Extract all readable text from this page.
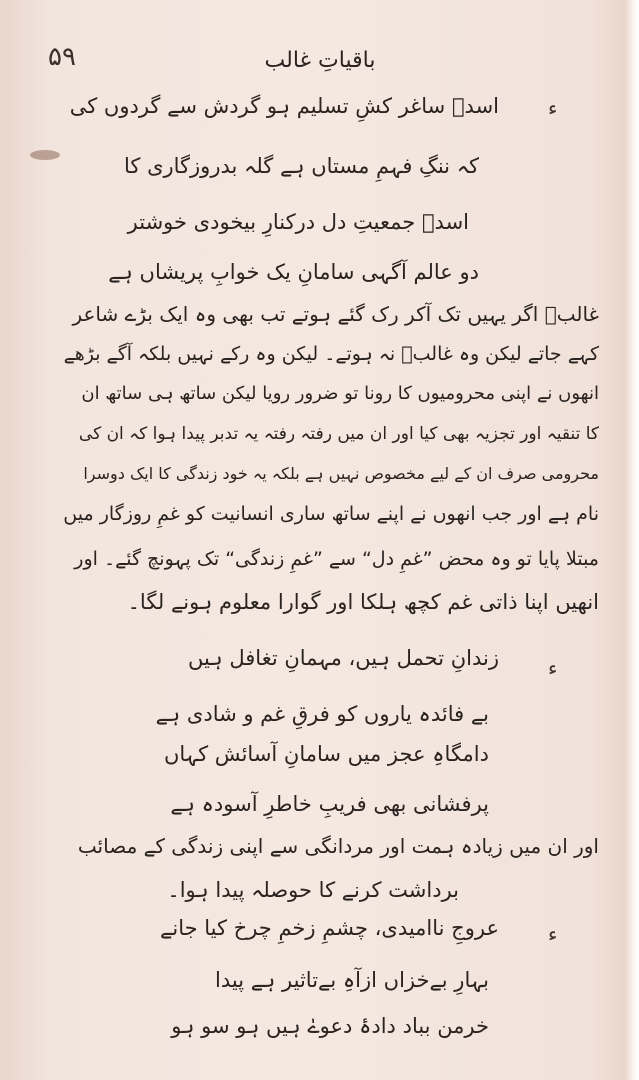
۵۹	باقیاتِ غالب
ء
اسدؔ ساغر کشِ تسلیم ہو گردش سے گردوں کی
کہ ننگِ فہمِ مستاں ہے گلہ بدروزگاری کا
اسدؔ جمعیتِ دل درکنارِ بیخودی خوشتر
دو عالم آگہی سامانِ یک خوابِ پریشاں ہے
غالبؔ اگر یہیں تک آکر رک گئے ہوتے تب بھی وہ ایک بڑے شاعر
کہے جاتے لیکن وہ غالبؔ نہ ہوتے۔ لیکن وہ رکے نہیں بلکہ آگے بڑھے
انھوں نے اپنی محرومیوں کا رونا تو ضرور رویا لیکن ساتھ ہی ساتھ ان
کا تنقیہ اور تجزیہ بھی کیا اور ان میں رفتہ رفتہ یہ تدبر پیدا ہوا کہ ان کی
محرومی صرف ان کے لیے مخصوص نہیں ہے بلکہ یہ خود زندگی کا ایک دوسرا
نام ہے اور جب انھوں نے اپنے ساتھ ساری انسانیت کو غمِ روزگار میں
مبتلا پایا تو وہ محض ”غمِ دل“ سے ”غمِ زندگی“ تک پہونچ گئے۔ اور
انھیں اپنا ذاتی غم کچھ ہلکا اور گوارا معلوم ہونے لگا۔
ء
زندانِ تحمل ہیں، مہمانِ تغافل ہیں
بے فائدہ یاروں کو فرقِ غم و شادی ہے
دامگاہِ عجز میں سامانِ آسائش کہاں
پرفشانی بھی فریبِ خاطرِ آسودہ ہے
اور ان میں زیادہ ہمت اور مردانگی سے اپنی زندگی کے مصائب
برداشت کرنے کا حوصلہ پیدا ہوا۔
ء
عروجِ ناامیدی، چشمِ زخمِ چرخ کیا جانے
بہارِ بےخزاں ازآہِ بےتاثیر ہے پیدا
خرمن بباد دادۂ دعوےٰ ہیں ہو سو ہو
